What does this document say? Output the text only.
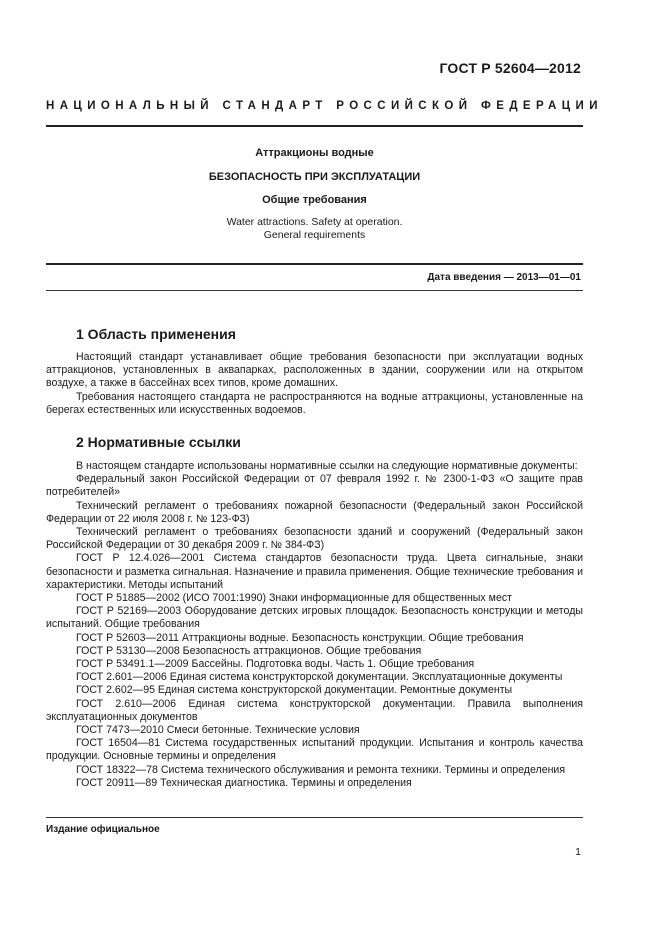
ГОСТ Р 52604—2012
НАЦИОНАЛЬНЫЙ СТАНДАРТ РОССИЙСКОЙ ФЕДЕРАЦИИ

Аттракционы водные

БЕЗОПАСНОСТЬ ПРИ ЭКСПЛУАТАЦИИ

Общие требования

Water attractions. Safety at operation.
General requirements

Дата введения — 2013—01—01
1 Область применения

Настоящий стандарт устанавливает общие требования безопасности при эксплуатации водных аттракционов, установленных в аквапарках, расположенных в здании, сооружении или на открытом воздухе, а также в бассейнах всех типов, кроме домашних.

Требования настоящего стандарта не распространяются на водные аттракционы, установленные на берегах естественных или искусственных водоемов.

2 Нормативные ссылки

В настоящем стандарте использованы нормативные ссылки на следующие нормативные документы:

Федеральный закон Российской Федерации от 07 февраля 1992 г. № 2300-1-ФЗ «О защите прав потребителей»

Технический регламент о требованиях пожарной безопасности (Федеральный закон Российской Федерации от 22 июля 2008 г. № 123-ФЗ)

Технический регламент о требованиях безопасности зданий и сооружений (Федеральный закон Российской Федерации от 30 декабря 2009 г. № 384-ФЗ)

ГОСТ Р 12.4.026—2001 Система стандартов безопасности труда. Цвета сигнальные, знаки безопасности и разметка сигнальная. Назначение и правила применения. Общие технические требования и характеристики. Методы испытаний

ГОСТ Р 51885—2002 (ИСО 7001:1990) Знаки информационные для общественных мест

ГОСТ Р 52169—2003 Оборудование детских игровых площадок. Безопасность конструкции и методы испытаний. Общие требования

ГОСТ Р 52603—2011 Аттракционы водные. Безопасность конструкции. Общие требования

ГОСТ Р 53130—2008 Безопасность аттракционов. Общие требования

ГОСТ Р 53491.1—2009 Бассейны. Подготовка воды. Часть 1. Общие требования

ГОСТ 2.601—2006 Единая система конструкторской документации. Эксплуатационные документы

ГОСТ 2.602—95 Единая система конструкторской документации. Ремонтные документы

ГОСТ 2.610—2006 Единая система конструкторской документации. Правила выполнения эксплуатационных документов

ГОСТ 7473—2010 Смеси бетонные. Технические условия

ГОСТ 16504—81 Система государственных испытаний продукции. Испытания и контроль качества продукции. Основные термины и определения

ГОСТ 18322—78 Система технического обслуживания и ремонта техники. Термины и определения

ГОСТ 20911—89 Техническая диагностика. Термины и определения

Издание официальное
1
